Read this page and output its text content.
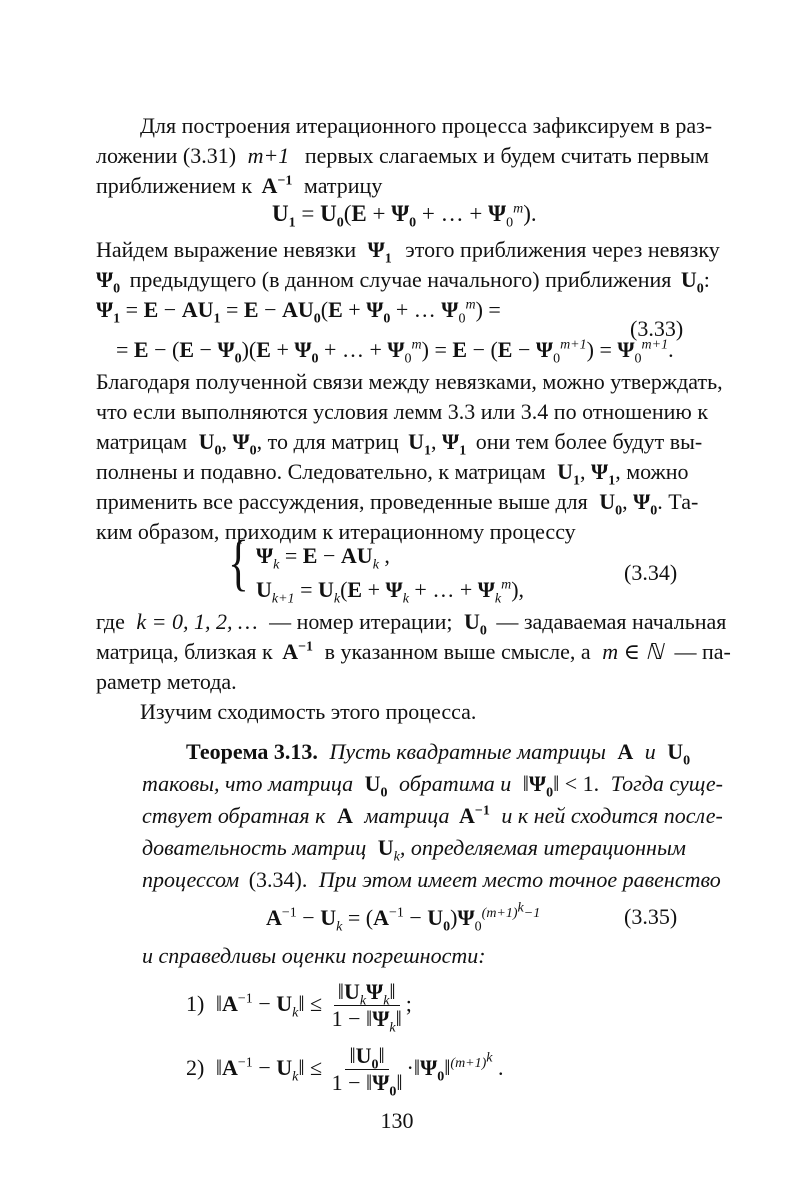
Для построения итерационного процесса зафиксируем в раз-
ложении (3.31) m+1 первых слагаемых и будем считать первым
приближением к $A^{-1}$ матрицу
$U_1 = U_0(E + \Psi_0$ + … + $\Psi_0^m$).
Найдем выражение невязки $\Psi_1$ этого приближения через невязку
$\Psi_0$ предыдущего (в данном случае начального) приближения $U_0$:
$\Psi_1 = E - AU_1 = E - AU_0(E + \Psi_0$ + … $\Psi_0^m$) =
= $E - (E - \Psi_0)(E + \Psi_0$ + … + $\Psi_0^m) = E - (E - \Psi_0^{m+1}) = \Psi_0^{m+1}$.
(3.33)
Благодаря полученной связи между невязками, можно утверждать,
что если выполняются условия лемм 3.3 или 3.4 по отношению к
матрицам $U_0$, $\Psi_0$, то для матриц $U_1$, $\Psi_1$ они тем более будут вы-
полнены и подавно. Следовательно, к матрицам $U_1$, $\Psi_1$, можно
применить все рассуждения, проведенные выше для $U_0$, $\Psi_0$. Та-
ким образом, приходим к итерационному процессу
{ $\Psi_k = E - AU_k$ ,
$U_{k+1} = U_k(E + \Psi_k$ + … + $\Psi_k^m$),
(3.34)
где k = 0, 1, 2, … — номер итерации; $U_0$ — задаваемая начальная
матрица, близкая к $A^{-1}$ в указанном выше смысле, а m ∈ ℕ — па-
раметр метода.
Изучим сходимость этого процесса.
Теорема 3.13. Пусть квадратные матрицы A и $U_0$
таковы, что матрица $U_0$ обратима и $‖\Psi_0‖ < 1$. Тогда суще-
ствует обратная к A матрица $A^{-1}$ и к ней сходится после-
довательность матриц $U_k$, определяемая итерационным
процессом (3.34). При этом имеет место точное равенство
$A^{-1} - U_k = (A^{-1} - U_0)\Psi_0^{(m+1)^k-1}$	(3.35)
и справедливы оценки погрешности:
1) $‖A^{-1}$ − $U_k‖ \le \frac{‖U_k\Psi_k‖}{1 - ‖\Psi_k‖}$ ;
2) $‖A^{-1}$ − $U_k‖ \le \frac{‖U_0‖}{1 - ‖\Psi_0‖}$ $\cdot‖\Psi_0‖^{(m+1)^k}$ .
130
